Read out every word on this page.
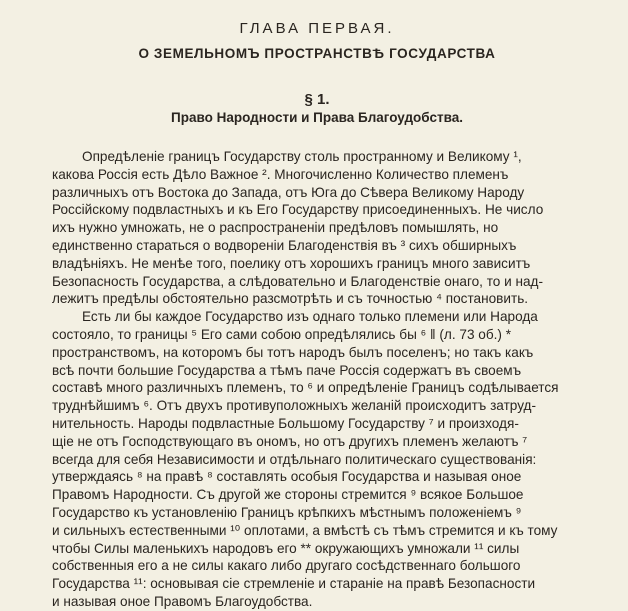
ГЛАВА ПЕРВАЯ.
О ЗЕМЕЛЬНОМЪ ПРОСТРАНСТВѢ ГОСУДАРСТВА
§ 1.
Право Народности и Права Благоудобства.
Опредѣленіе границъ Государству столь пространному и Великому ¹,
какова Россія есть Дѣло Важное ². Многочисленно Количество племенъ
различныхъ отъ Востока до Запада, отъ Юга до Сѣвера Великому Народу
Россійскому подвластныхъ и къ Его Государству присоединенныхъ. Не число
ихъ нужно умножать, не о распространеніи предѣловъ помышлять, но
единственно стараться о водвореніи Благоденствія въ ³ сихъ обширныхъ
владѣніяхъ. Не менѣе того, поелику отъ хорошихъ границъ много зависитъ
Безопасность Государства, а слѣдовательно и Благоденствіе онаго, то и над-
лежитъ предѣлы обстоятельно разсмотрѣть и съ точностью ⁴ постановить.
Есть ли бы каждое Государство изъ однаго только племени или Народа
состояло, то границы ⁵ Его сами собою опредѣлялись бы ⁶ ‖ (л. 73 об.) *
пространствомъ, на которомъ бы тотъ народъ былъ поселенъ; но такъ какъ
всѣ почти большие Государства а тѣмъ паче Россія содержатъ въ своемъ
составѣ много различныхъ племенъ, то ⁶ и опредѣленіе Границъ содѣлывается
труднѣйшимъ ⁶. Отъ двухъ противуположныхъ желаній происходитъ затруд-
нительность. Народы подвластные Большому Государству ⁷ и произходя-
щіе не отъ Господствующаго въ ономъ, но отъ другихъ племенъ желаютъ ⁷
всегда для себя Независимости и отдѣльнаго политическаго существованія:
утверждаясь ⁸ на правѣ ⁸ составлять особыя Государства и называя оное
Правомъ Народности. Съ другой же стороны стремится ⁹ всякое Большое
Государство къ установленію Границъ крѣпкихъ мѣстнымъ положеніемъ ⁹
и сильныхъ естественными ¹⁰ оплотами, а вмѣстѣ съ тѣмъ стремится и къ тому
чтобы Силы маленькихъ народовъ его ** окружающихъ умножали ¹¹ силы
собственныя его а не силы какаго либо другаго сосѣдственнаго большого
Государства ¹¹: основывая сіе стремленіе и стараніе на правѣ Безопасности
и называя оное Правомъ Благоудобства.
